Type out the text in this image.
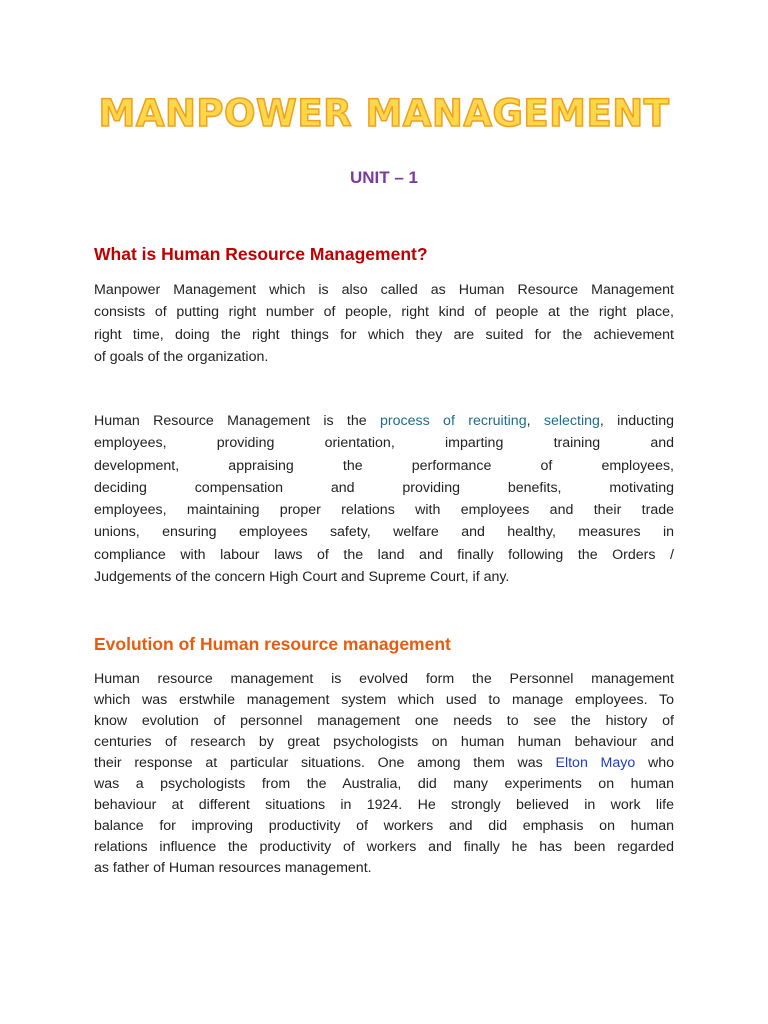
MANPOWER MANAGEMENT
UNIT – 1
What is Human Resource Management?
Manpower Management which is also called as Human Resource Management
consists of putting right number of people, right kind of people at the right place,
right time, doing the right things for which they are suited for the achievement
of goals of the organization.
Human Resource Management is the process of recruiting, selecting, inducting
employees, providing orientation, imparting training and
development, appraising the performance of employees,
deciding compensation and providing benefits, motivating
employees, maintaining proper relations with employees and their trade
unions, ensuring employees safety, welfare and healthy, measures in
compliance with labour laws of the land and finally following the Orders /
Judgements of the concern High Court and Supreme Court, if any.
Evolution of Human resource management
Human resource management is evolved form the Personnel management
which was erstwhile management system which used to manage employees. To
know evolution of personnel management one needs to see the history of
centuries of research by great psychologists on human human behaviour and
their response at particular situations. One among them was Elton Mayo who
was a psychologists from the Australia, did many experiments on human
behaviour at different situations in 1924. He strongly believed in work life
balance for improving productivity of workers and did emphasis on human
relations influence the productivity of workers and finally he has been regarded
as father of Human resources management.
